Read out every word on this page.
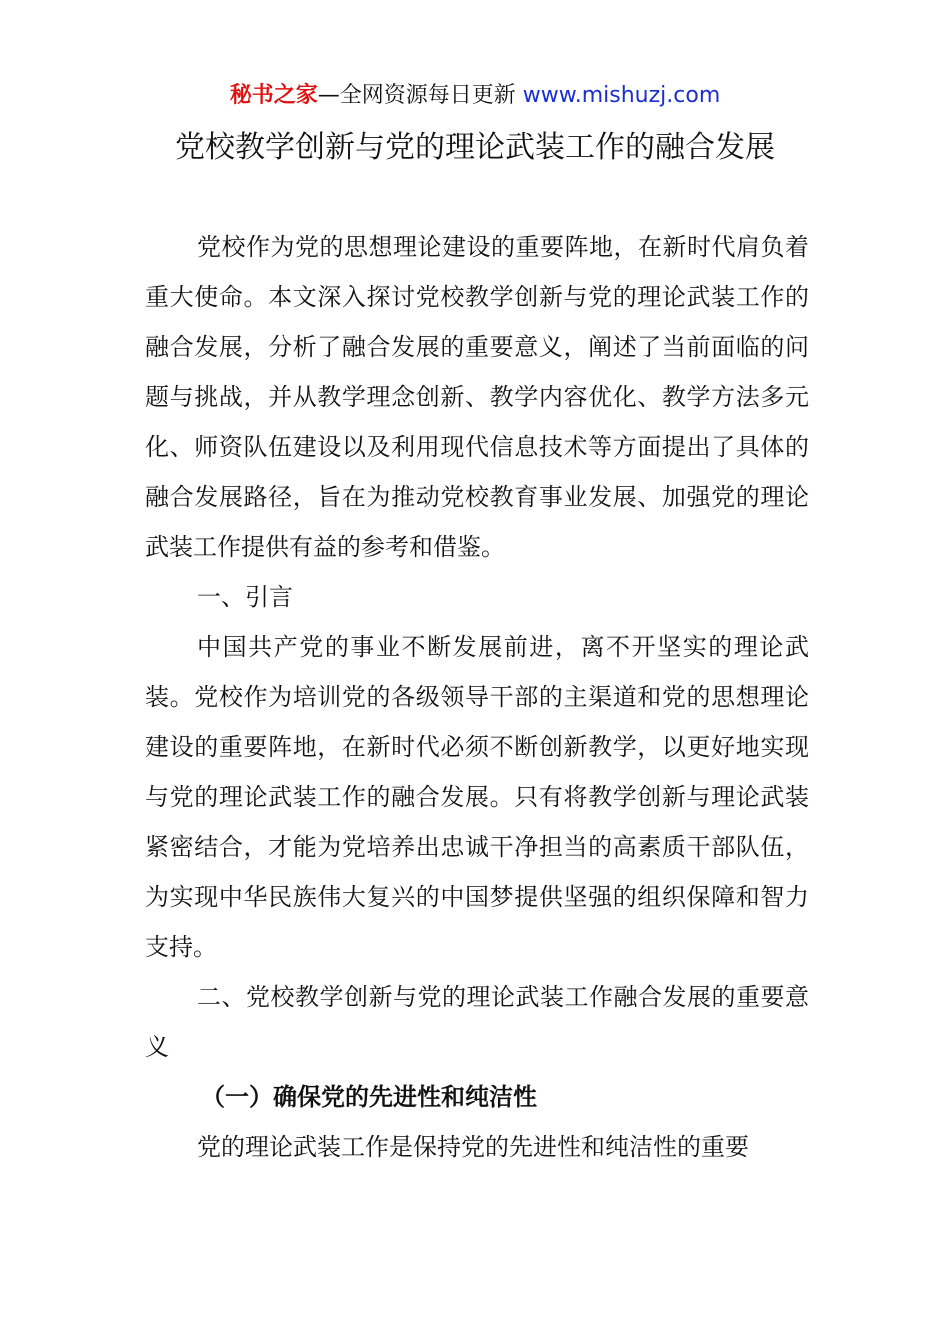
秘书之家—全网资源每日更新 www.mishuzj.com
党校教学创新与党的理论武装工作的融合发展

党校作为党的思想理论建设的重要阵地，在新时代肩负着重大使命。本文深入探讨党校教学创新与党的理论武装工作的融合发展，分析了融合发展的重要意义，阐述了当前面临的问题与挑战，并从教学理念创新、教学内容优化、教学方法多元化、师资队伍建设以及利用现代信息技术等方面提出了具体的融合发展路径，旨在为推动党校教育事业发展、加强党的理论武装工作提供有益的参考和借鉴。

一、引言

中国共产党的事业不断发展前进，离不开坚实的理论武装。党校作为培训党的各级领导干部的主渠道和党的思想理论建设的重要阵地，在新时代必须不断创新教学，以更好地实现与党的理论武装工作的融合发展。只有将教学创新与理论武装紧密结合，才能为党培养出忠诚干净担当的高素质干部队伍，为实现中华民族伟大复兴的中国梦提供坚强的组织保障和智力支持。

二、党校教学创新与党的理论武装工作融合发展的重要意义

（一）确保党的先进性和纯洁性

党的理论武装工作是保持党的先进性和纯洁性的重要
